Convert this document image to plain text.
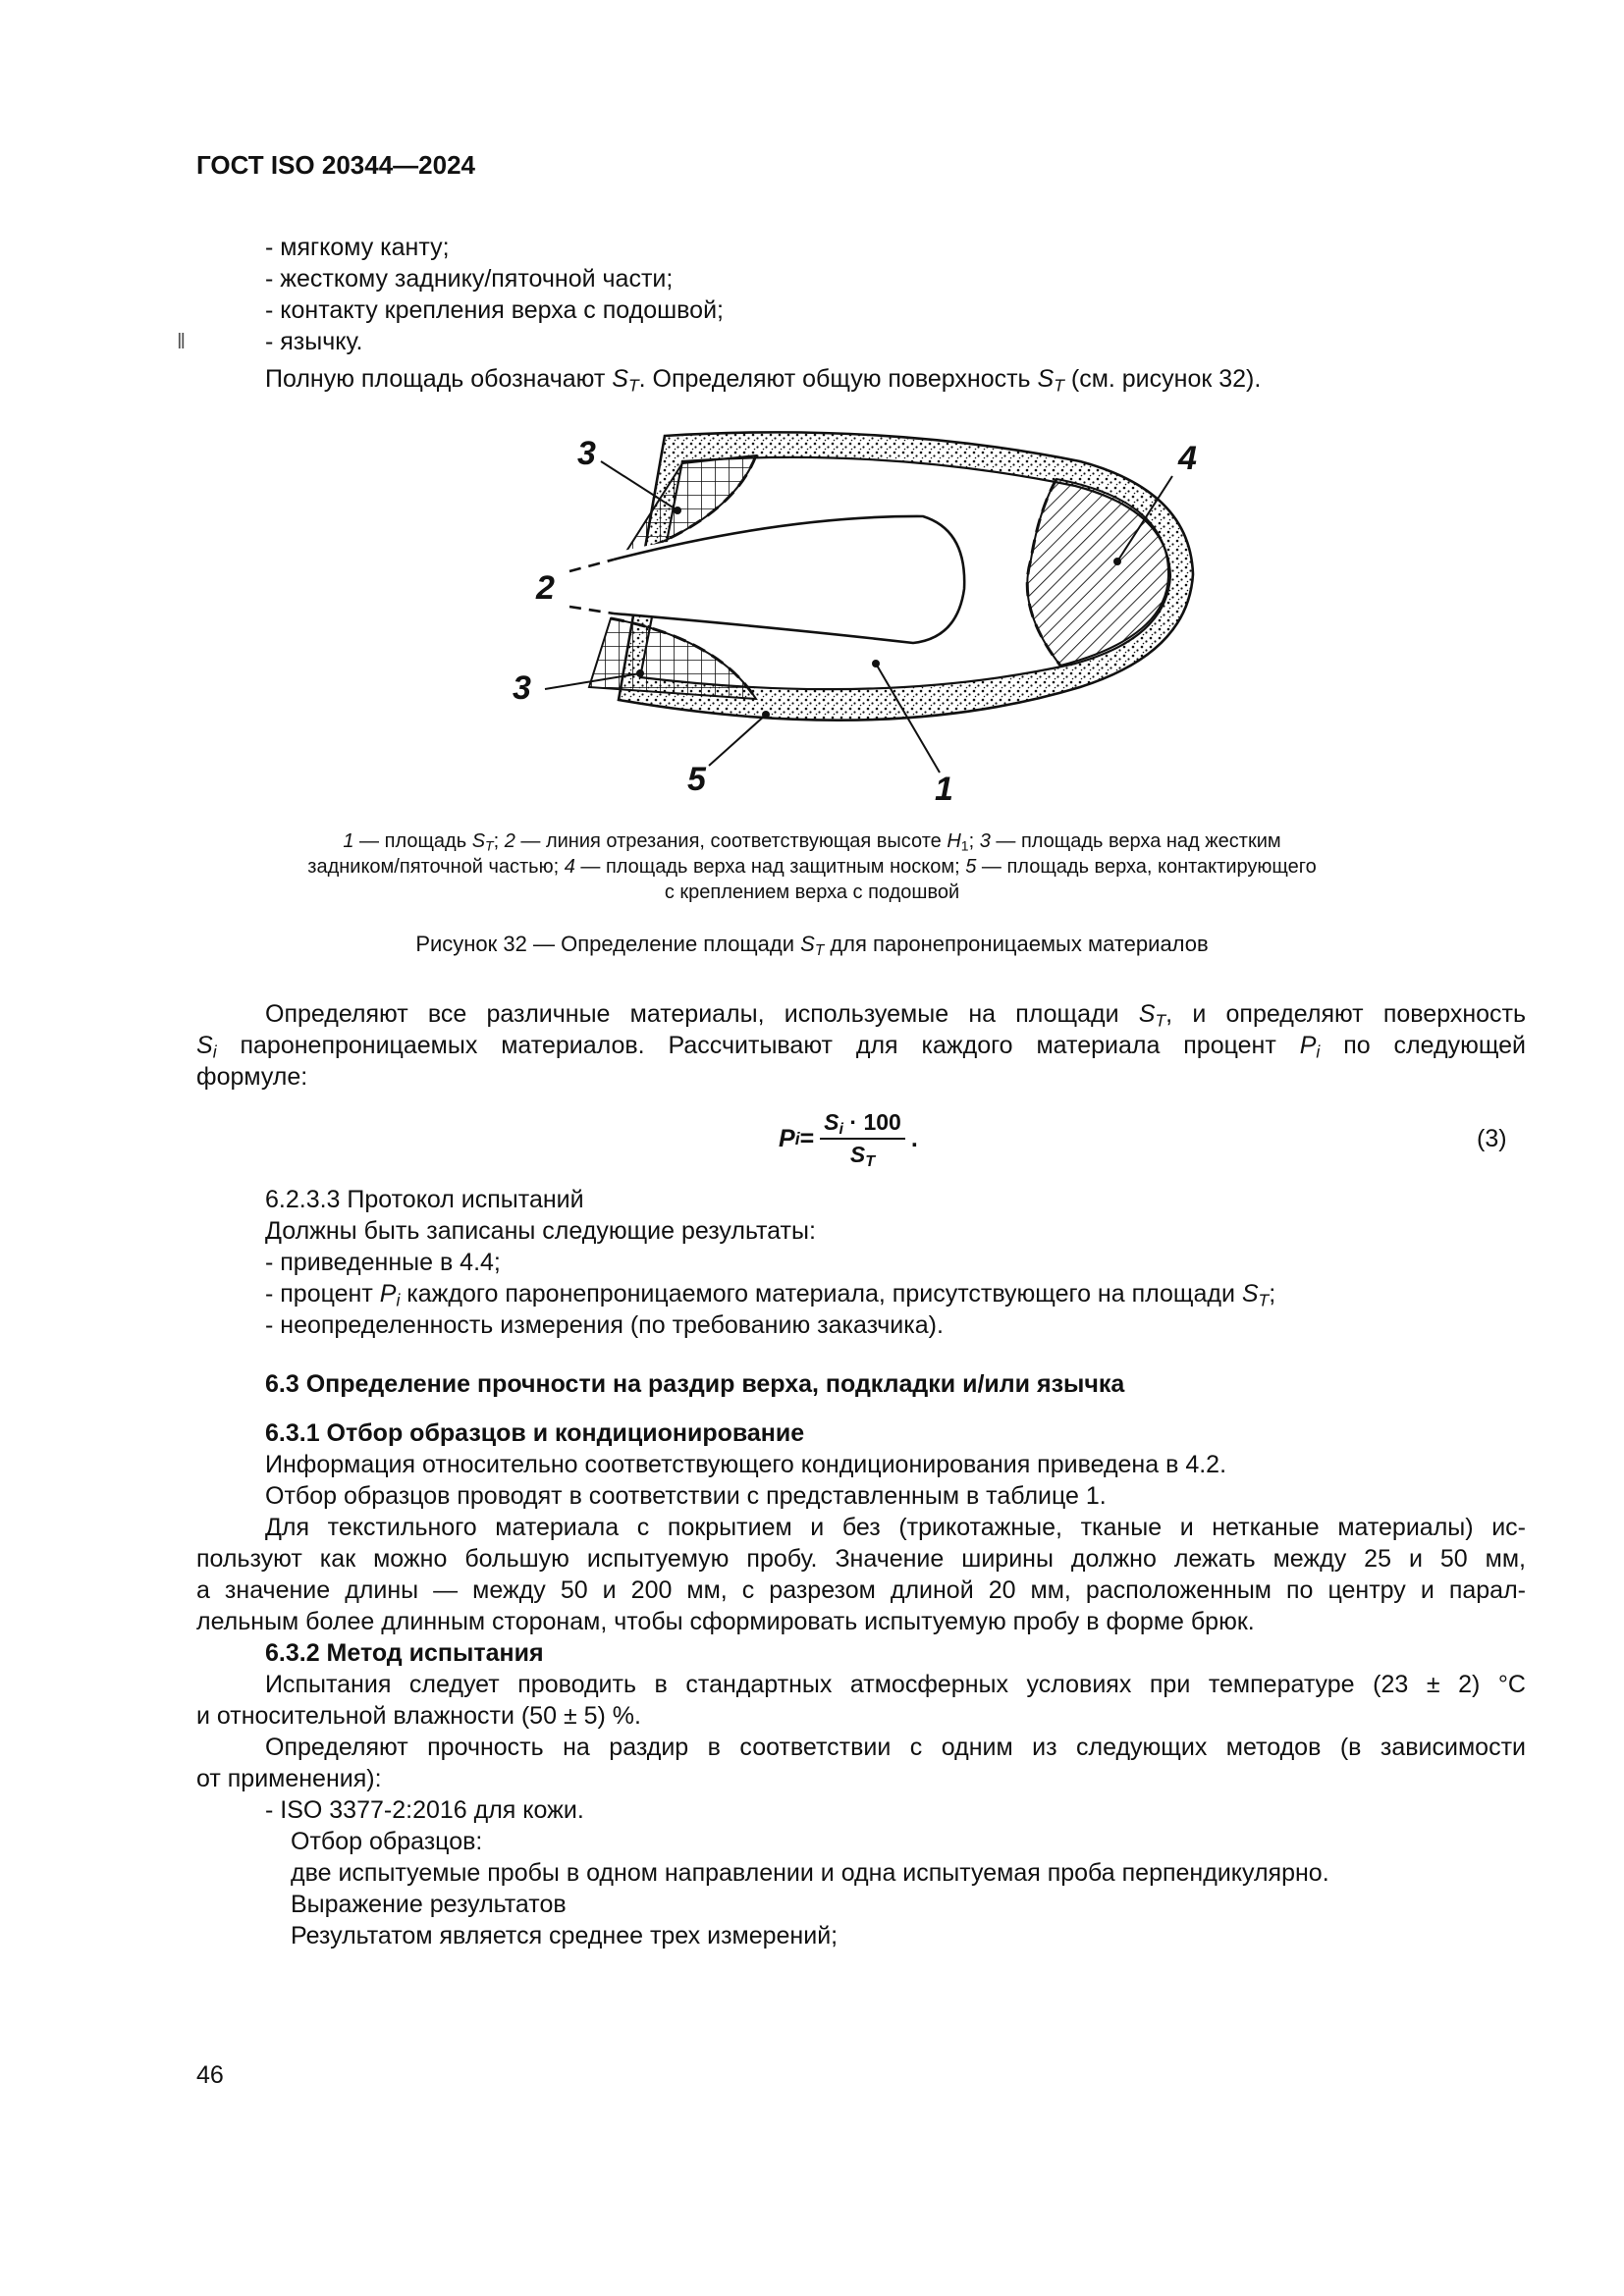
ГОСТ ISO 20344—2024
- мягкому канту;
- жесткому заднику/пяточной части;
- контакту крепления верха с подошвой;
‖	- язычку.
Полную площадь обозначают $S_T$. Определяют общую поверхность $S_T$ (см. рисунок 32).
3	4
2
3
5	1
1 — площадь $S_T$; 2 — линия отрезания, соответствующая высоте $H_1$; 3 — площадь верха над жестким
задником/пяточной частью; 4 — площадь верха над защитным носком; 5 — площадь верха, контактирующего
с креплением верха с подошвой
Рисунок 32 — Определение площади $S_T$ для паронепроницаемых материалов
Определяют все различные материалы, используемые на площади $S_T$, и определяют поверхность
$S_i$ паронепроницаемых материалов. Рассчитывают для каждого материала процент $P_i$ по следующей
формуле:
P $i = \frac{S_i \cdot 100}{S_T}$ .	(3)
6.2.3.3 Протокол испытаний
Должны быть записаны следующие результаты:
- приведенные в 4.4;
- процент $P_i$ каждого паронепроницаемого материала, присутствующего на площади $S_T$;
- неопределенность измерения (по требованию заказчика).
6.3 Определение прочности на раздир верха, подкладки и/или язычка
6.3.1 Отбор образцов и кондиционирование
Информация относительно соответствующего кондиционирования приведена в 4.2.
Отбор образцов проводят в соответствии с представленным в таблице 1.
Для текстильного материала с покрытием и без (трикотажные, тканые и нетканые материалы) ис-
пользуют как можно большую испытуемую пробу. Значение ширины должно лежать между 25 и 50 мм,
а значение длины — между 50 и 200 мм, с разрезом длиной 20 мм, расположенным по центру и парал-
лельным более длинным сторонам, чтобы сформировать испытуемую пробу в форме брюк.
6.3.2 Метод испытания
Испытания следует проводить в стандартных атмосферных условиях при температуре (23 ± 2) °С
и относительной влажности (50 ± 5) %.
Определяют прочность на раздир в соответствии с одним из следующих методов (в зависимости
от применения):
- ISO 3377-2:2016 для кожи.
Отбор образцов:
две испытуемые пробы в одном направлении и одна испытуемая проба перпендикулярно.
Выражение результатов
Результатом является среднее трех измерений;
46
